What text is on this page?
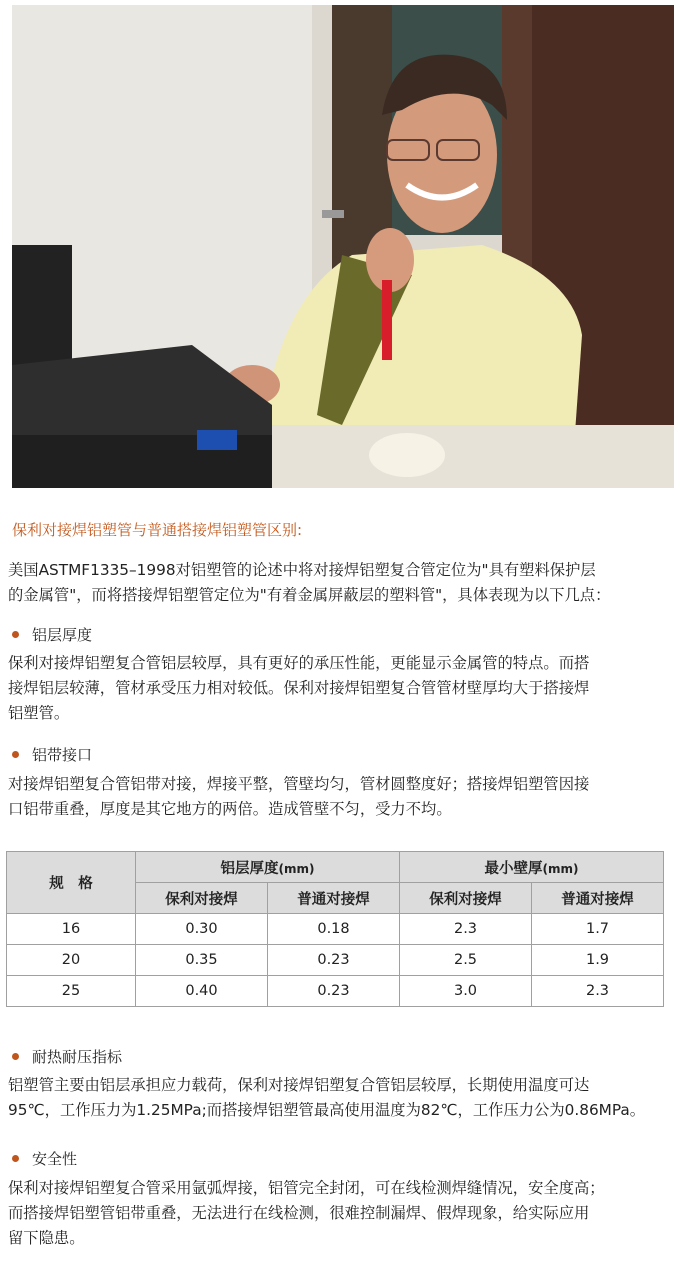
保利对接焊铝塑管与普通搭接焊铝塑管区别:
美国ASTMF1335–1998对铝塑管的论述中将对接焊铝塑复合管定位为"具有塑料保护层
的金属管"，而将搭接焊铝塑管定位为"有着金属屏蔽层的塑料管"，具体表现为以下几点：
铝层厚度
保利对接焊铝塑复合管铝层较厚，具有更好的承压性能，更能显示金属管的特点。而搭
接焊铝层较薄，管材承受压力相对较低。保利对接焊铝塑复合管管材壁厚均大于搭接焊
铝塑管。
铝带接口
对接焊铝塑复合管铝带对接，焊接平整，管壁均匀，管材圆整度好；搭接焊铝塑管因接
口铝带重叠，厚度是其它地方的两倍。造成管壁不匀，受力不均。
规　格	铝层厚度(mm)		最小壁厚(mm)	
	保利对接焊	普通对接焊	保利对接焊	普通对接焊
16	0.30	0.18	2.3	1.7
20	0.35	0.23	2.5	1.9
25	0.40	0.23	3.0	2.3
耐热耐压指标
铝塑管主要由铝层承担应力载荷，保利对接焊铝塑复合管铝层较厚，长期使用温度可达
95℃，工作压力为1.25MPa;而搭接焊铝塑管最高使用温度为82℃，工作压力公为0.86MPa。
安全性
保利对接焊铝塑复合管采用氩弧焊接，铝管完全封闭，可在线检测焊缝情况，安全度高；
而搭接焊铝塑管铝带重叠，无法进行在线检测，很难控制漏焊、假焊现象，给实际应用
留下隐患。
